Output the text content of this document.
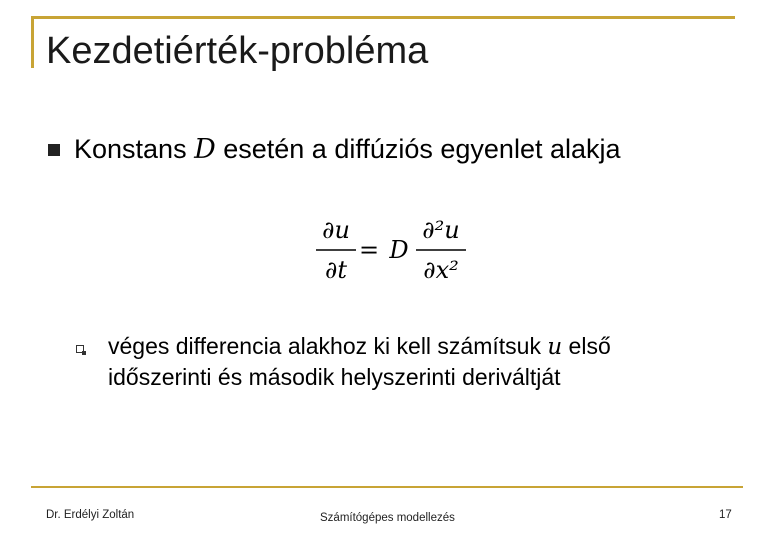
Kezdetiérték-probléma
Konstans D esetén a diffúziós egyenlet alakja
∂u
∂t
= D
∂²u
∂x²
véges differencia alakhoz ki kell számítsuk u első
időszerinti és második helyszerinti deriváltját
Dr. Erdélyi Zoltán	Számítógépes modellezés	17
